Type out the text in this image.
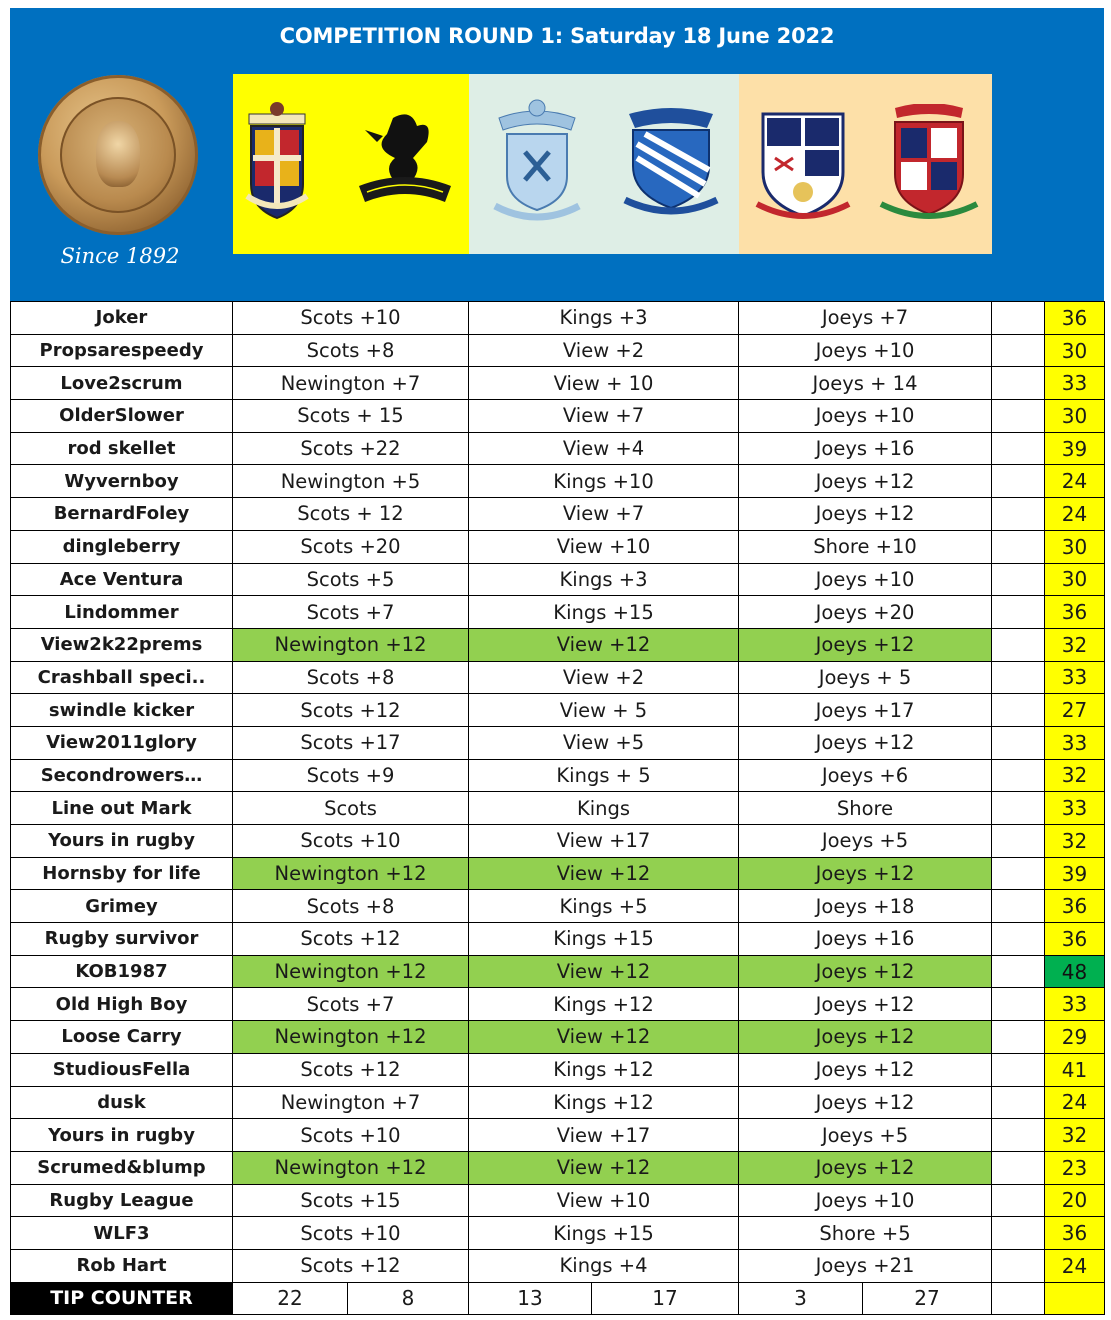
COMPETITION ROUND 1: Saturday 18 June 2022
Since 1892
Joker	Scots +10		Kings +3		Joeys +7			36
Propsarespeedy	Scots +8		View +2		Joeys +10			30
Love2scrum	Newington +7		View + 10		Joeys + 14			33
OlderSlower	Scots + 15		View +7		Joeys +10			30
rod skellet	Scots +22		View +4		Joeys +16			39
Wyvernboy	Newington +5		Kings +10		Joeys +12			24
BernardFoley	Scots + 12		View +7		Joeys +12			24
dingleberry	Scots +20		View +10		Shore +10			30
Ace Ventura	Scots +5		Kings +3		Joeys +10			30
Lindommer	Scots +7		Kings +15		Joeys +20			36
View2k22prems	Newington +12		View +12		Joeys +12			32
Crashball speci..	Scots +8		View +2		Joeys + 5			33
swindle kicker	Scots +12		View + 5		Joeys +17			27
View2011glory	Scots +17		View +5		Joeys +12			33
Secondrowers…	Scots +9		Kings + 5		Joeys +6			32
Line out Mark	Scots		Kings		Shore			33
Yours in rugby	Scots +10		View +17		Joeys +5			32
Hornsby for life	Newington +12		View +12		Joeys +12			39
Grimey	Scots +8		Kings +5		Joeys +18			36
Rugby survivor	Scots +12		Kings +15		Joeys +16			36
KOB1987	Newington +12		View +12		Joeys +12			48
Old High Boy	Scots +7		Kings +12		Joeys +12			33
Loose Carry	Newington +12		View +12		Joeys +12			29
StudiousFella	Scots +12		Kings +12		Joeys +12			41
dusk	Newington +7		Kings +12		Joeys +12			24
Yours in rugby	Scots +10		View +17		Joeys +5			32
Scrumed&blump	Newington +12		View +12		Joeys +12			23
Rugby League	Scots +15		View +10		Joeys +10			20
WLF3	Scots +10		Kings +15		Shore +5			36
Rob Hart	Scots +12		Kings +4		Joeys +21			24
TIP COUNTER	22	8	13	17	3	27		
